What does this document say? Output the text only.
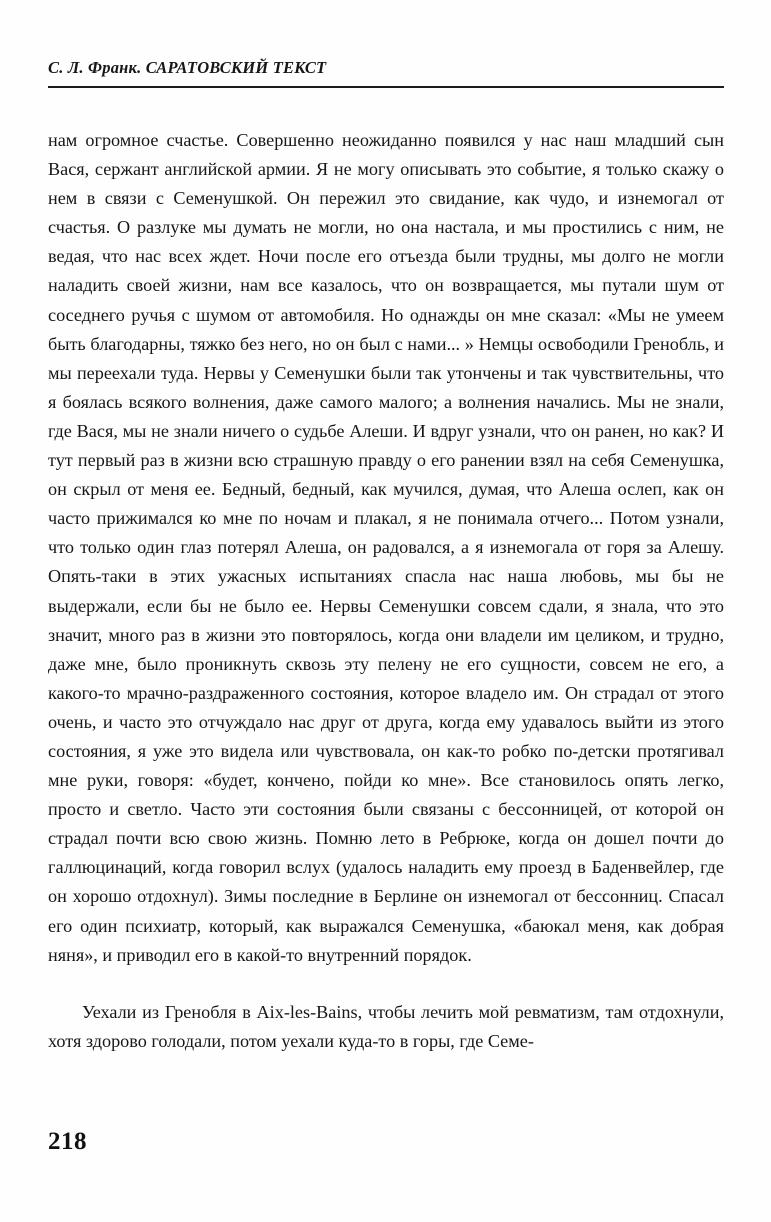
С. Л. Франк. САРАТОВСКИЙ ТЕКСТ

нам огромное счастье. Совершенно неожиданно появился у нас наш младший сын Вася, сержант английской армии. Я не могу описывать это событие, я только скажу о нем в связи с Семенушкой. Он пережил это свидание, как чудо, и изнемогал от счастья. О разлуке мы думать не могли, но она настала, и мы простились с ним, не ведая, что нас всех ждет. Ночи после его отъезда были трудны, мы долго не могли наладить своей жизни, нам все казалось, что он возвращается, мы путали шум от соседнего ручья с шумом от автомобиля. Но однажды он мне сказал: «Мы не умеем быть благодарны, тяжко без него, но он был с нами... » Немцы освободили Гренобль, и мы переехали туда. Нервы у Семенушки были так утончены и так чувствительны, что я боялась всякого волнения, даже самого малого; а волнения начались. Мы не знали, где Вася, мы не знали ничего о судьбе Алеши. И вдруг узнали, что он ранен, но как? И тут первый раз в жизни всю страшную правду о его ранении взял на себя Семенушка, он скрыл от меня ее. Бедный, бедный, как мучился, думая, что Алеша ослеп, как он часто прижимался ко мне по ночам и плакал, я не понимала отчего... Потом узнали, что только один глаз потерял Алеша, он радовался, а я изнемогала от горя за Алешу. Опять-таки в этих ужасных испытаниях спасла нас наша любовь, мы бы не выдержали, если бы не было ее. Нервы Семенушки совсем сдали, я знала, что это значит, много раз в жизни это повторялось, когда они владели им целиком, и трудно, даже мне, было проникнуть сквозь эту пелену не его сущности, совсем не его, а какого-то мрачно-раздраженного состояния, которое владело им. Он страдал от этого очень, и часто это отчуждало нас друг от друга, когда ему удавалось выйти из этого состояния, я уже это видела или чувствовала, он как-то робко по-детски протягивал мне руки, говоря: «будет, кончено, пойди ко мне». Все становилось опять легко, просто и светло. Часто эти состояния были связаны с бессонницей, от которой он страдал почти всю свою жизнь. Помню лето в Ребрюке, когда он дошел почти до галлюцинаций, когда говорил вслух (удалось наладить ему проезд в Баденвейлер, где он хорошо отдохнул). Зимы последние в Берлине он изнемогал от бессонниц. Спасал его один психиатр, который, как выражался Семенушка, «баюкал меня, как добрая няня», и приводил его в какой-то внутренний порядок.

Уехали из Гренобля в Aix-les-Bains, чтобы лечить мой ревматизм, там отдохнули, хотя здорово голодали, потом уехали куда-то в горы, где Семе-

218
